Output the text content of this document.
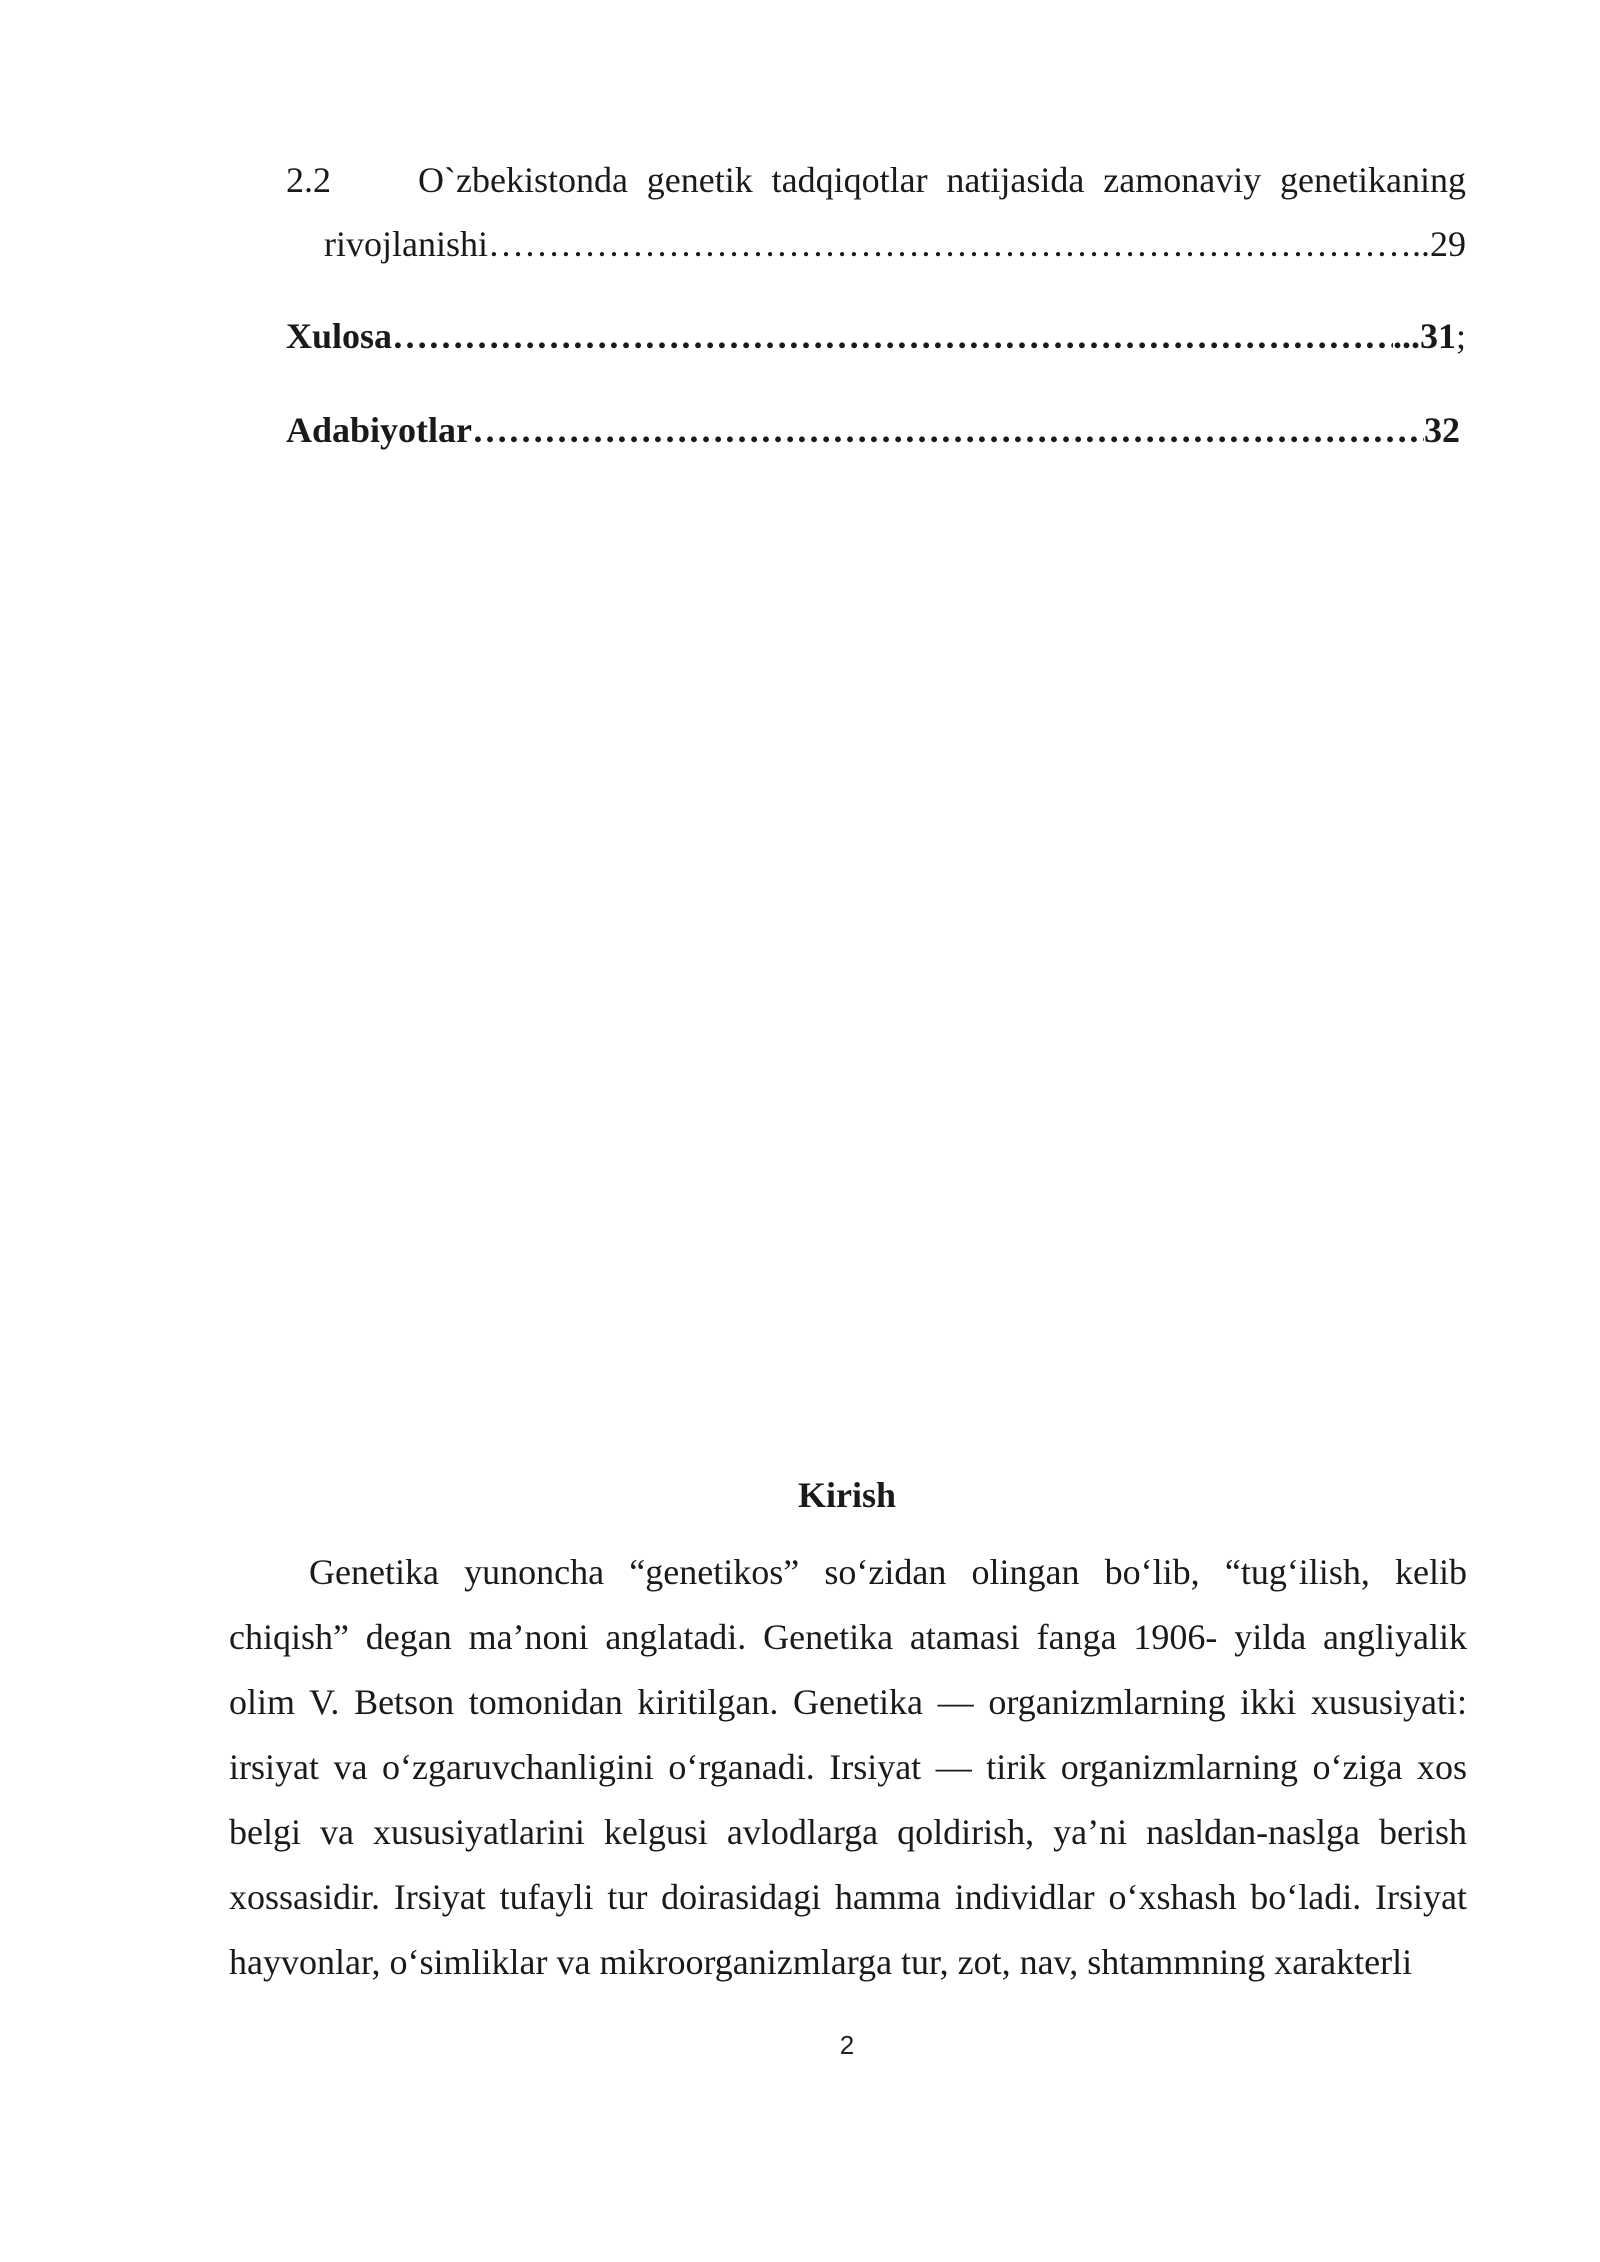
2.2	O`zbekistonda genetik tadqiqotlar natijasida zamonaviy genetikaning
rivojlanishi ………………………………………………………………………………………………………………………………………………	…..29
Xulosa ………………………………………………………………………………………………………………………………………………	...31 ;
Adabiyotlar ………………………………………………………………………………………………………………………………………………	32
Kirish

Genetika yunoncha “genetikos” so‘zidan olingan bo‘lib, “tug‘ilish, kelib chiqish” degan ma’noni anglatadi. Genetika atamasi fanga 1906- yilda angliyalik olim V. Betson tomonidan kiritilgan. Genetika — organizmlarning ikki xususiyati: irsiyat va o‘zgaruvchanligini o‘rganadi. Irsiyat — tirik organizmlarning o‘ziga xos belgi va xususiyatlarini kelgusi avlodlarga qoldirish, ya’ni nasldan-naslga berish xossasidir. Irsiyat tufayli tur doirasidagi hamma individlar o‘xshash bo‘ladi. Irsiyat hayvonlar, o‘simliklar va mikroorganizmlarga tur, zot, nav, shtammning xarakterli

2
